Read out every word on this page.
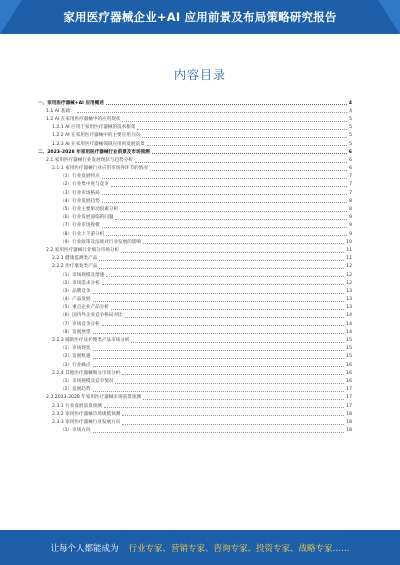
家用医疗器械企业+AI 应用前景及布局策略研究报告
内容目录
一、家用医疗器械+AI 应用概述	4
1.1 AI 基础：	4
1.2 AI 在家用医疗器械中的应用现状	5
1.2.1 AI 应用于家用医疗器械的技术框架	5
1.2.2 AI 在家用医疗器械中的主要应用方向	5
1.2.3 AI 在家用医疗器械领域应用的发展前景	5
二、2023-2028 年家用医疗器械行业前景及市场预测	6
2.1 家用医疗器械行业发展现状与趋势分析	6
2.1.1 家用医疗器械行业应用市场各环节的情况	6
（1）行业发展特点	7
（2）行业集中度与竞争	7
（3）行业市场格局	7
（4）行业发展趋势	8
（5）行业主要驱动因素分析	8
（6）行业发展面临的问题	9
（7）行业市场规模	9
（8）行业上下游分析	9
（9）行业政策及法规对行业发展的影响	10
2.2 家用医疗器械行业细分市场分析	11
2.2.1 健康监测类产品	11
2.2.2 治疗康复类产品	12
（1）市场规模及增速	12
（2）市场需求分析	12
（3）品牌竞争	13
（4）产品发展	13
（5）重点企业产品分析	13
（6）国内外企业竞争格局对比	14
（7）市场竞争分析	14
（8）发展展望	14
2.2.3 辅助医疗及护理类产品市场分析	15
（1）市场现状	15
（2）发展机遇	15
（3）行业痛点	16
2.2.4 其他医疗器械细分市场分析	16
（1）市场规模及竞争情况	16
（2）发展趋势	17
2.3 2023-2028 年家用医疗器械市场前景预测	17
2.3.1 行业发展前景预测	17
2.3.2 家用医疗器械市场规模预测	18
2.3.3 家用医疗器械行业发展方向	18
（1）市场方向	18
让每个人都能成为 行业专家、营销专家、咨询专家、投资专家、战略专家……
